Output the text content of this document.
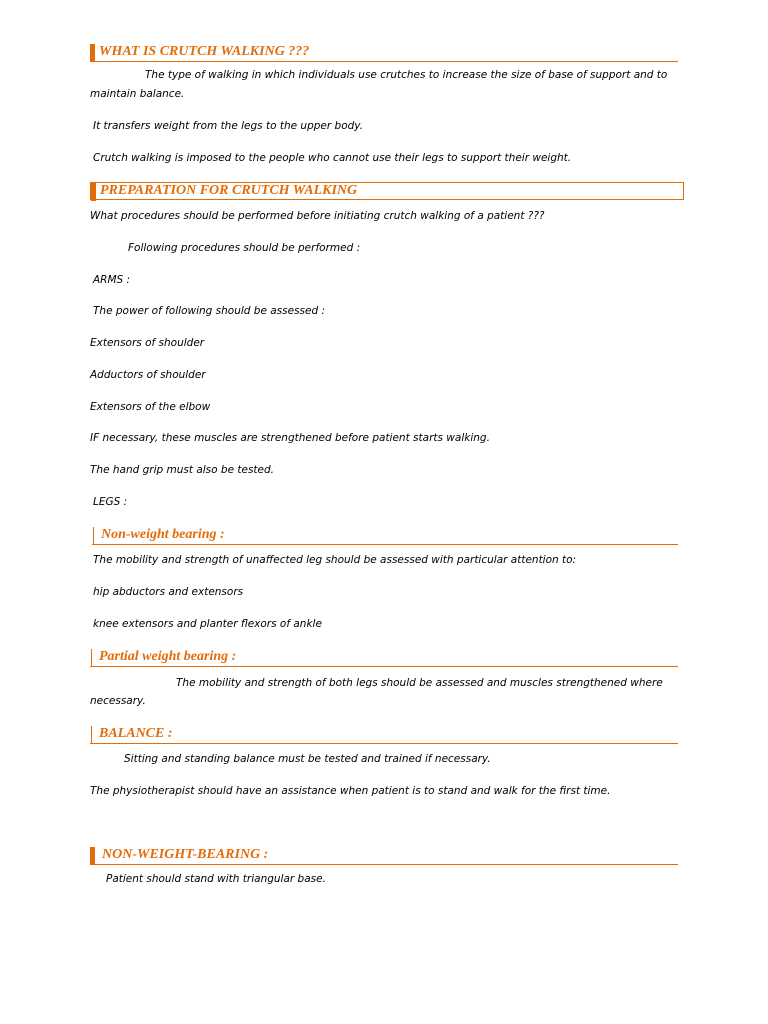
WHAT IS CRUTCH WALKING ???
The type of walking in which individuals use crutches to increase the size of base of support and to
maintain balance.
It transfers weight from the legs to the upper body.
Crutch walking is imposed to the people who cannot use their legs to support their weight.
PREPARATION FOR CRUTCH WALKING
What procedures should be performed before initiating crutch walking of a patient ???
Following procedures should be performed :
ARMS :
The power of following should be assessed :
Extensors of shoulder
Adductors of shoulder
Extensors of the elbow
IF necessary, these muscles are strengthened before patient starts walking.
The hand grip must also be tested.
LEGS :
Non-weight bearing :
The mobility and strength of unaffected leg should be assessed with particular attention to:
hip abductors and extensors
knee extensors and planter flexors of ankle
Partial weight bearing :
The mobility and strength of both legs should be assessed and muscles strengthened where
necessary.
BALANCE :
Sitting and standing balance must be tested and trained if necessary.
The physiotherapist should have an assistance when patient is to stand and walk for the first time.
NON-WEIGHT-BEARING :
Patient should stand with triangular base.
